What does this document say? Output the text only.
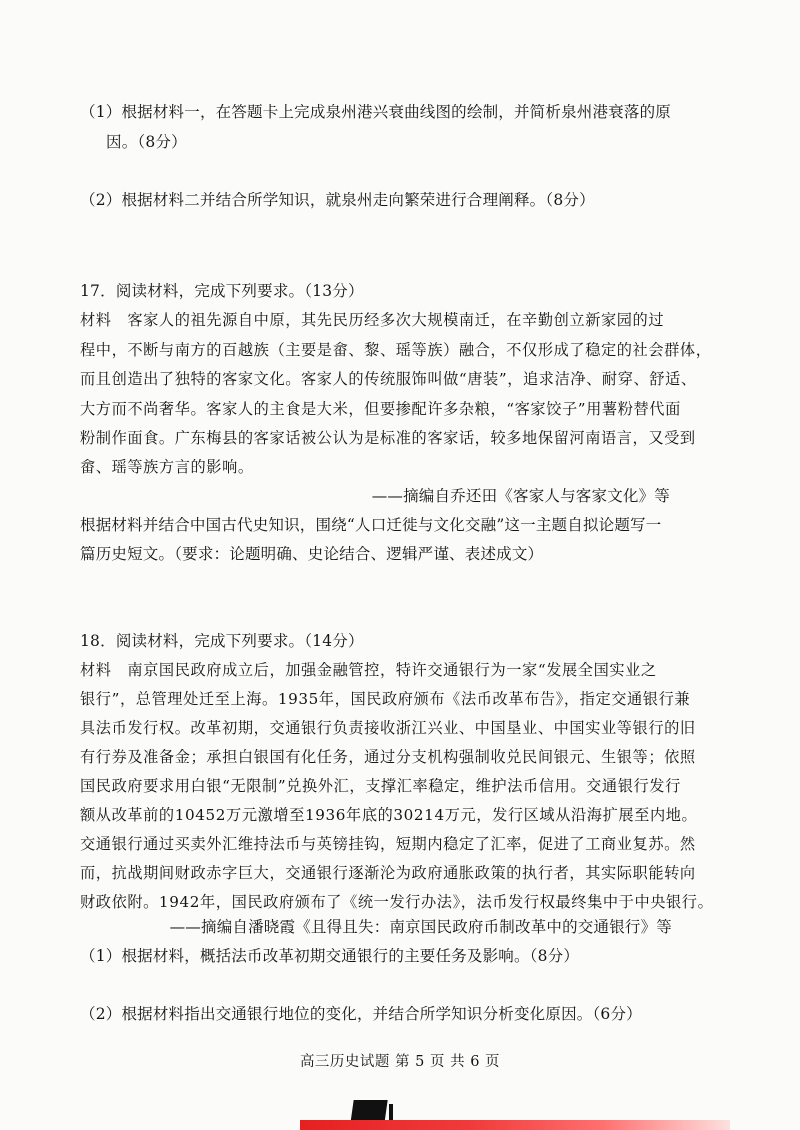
（1）根据材料一，在答题卡上完成泉州港兴衰曲线图的绘制，并简析泉州港衰落的原
因。（8分）
（2）根据材料二并结合所学知识，就泉州走向繁荣进行合理阐释。（8分）
17．阅读材料，完成下列要求。（13分）
材料　客家人的祖先源自中原，其先民历经多次大规模南迁，在辛勤创立新家园的过
程中，不断与南方的百越族（主要是畲、黎、瑶等族）融合，不仅形成了稳定的社会群体，
而且创造出了独特的客家文化。客家人的传统服饰叫做“唐装”，追求洁净、耐穿、舒适、
大方而不尚奢华。客家人的主食是大米，但要掺配许多杂粮，“客家饺子”用薯粉替代面
粉制作面食。广东梅县的客家话被公认为是标准的客家话，较多地保留河南语言，又受到
畲、瑶等族方言的影响。
——摘编自乔还田《客家人与客家文化》等
根据材料并结合中国古代史知识，围绕“人口迁徙与文化交融”这一主题自拟论题写一
篇历史短文。（要求：论题明确、史论结合、逻辑严谨、表述成文）
18．阅读材料，完成下列要求。（14分）
材料　南京国民政府成立后，加强金融管控，特许交通银行为一家“发展全国实业之
银行”，总管理处迁至上海。1935年，国民政府颁布《法币改革布告》，指定交通银行兼
具法币发行权。改革初期，交通银行负责接收浙江兴业、中国垦业、中国实业等银行的旧
有行券及准备金；承担白银国有化任务，通过分支机构强制收兑民间银元、生银等；依照
国民政府要求用白银“无限制”兑换外汇，支撑汇率稳定，维护法币信用。交通银行发行
额从改革前的10452万元激增至1936年底的30214万元，发行区域从沿海扩展至内地。
交通银行通过买卖外汇维持法币与英镑挂钩，短期内稳定了汇率，促进了工商业复苏。然
而，抗战期间财政赤字巨大，交通银行逐渐沦为政府通胀政策的执行者，其实际职能转向
财政依附。1942年，国民政府颁布了《统一发行办法》，法币发行权最终集中于中央银行。
——摘编自潘晓霞《且得且失：南京国民政府币制改革中的交通银行》等
（1）根据材料，概括法币改革初期交通银行的主要任务及影响。（8分）
（2）根据材料指出交通银行地位的变化，并结合所学知识分析变化原因。（6分）
高三历史试题 第 5 页 共 6 页
